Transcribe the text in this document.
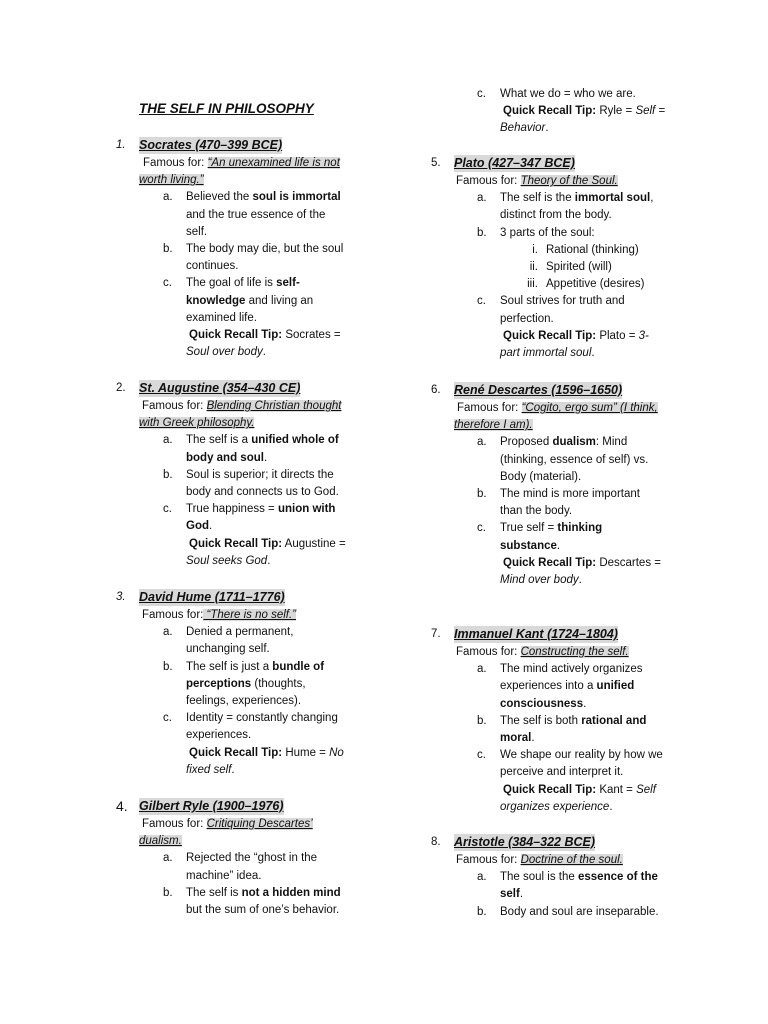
THE SELF IN PHILOSOPHY
1. Socrates (470–399 BCE)
Famous for: “An unexamined life is not
worth living.”
a. Believed the soul is immortal
and the true essence of the
self.
b. The body may die, but the soul
continues.
c. The goal of life is self-
knowledge and living an
examined life.
Quick Recall Tip: Socrates =
Soul over body.
2. St. Augustine (354–430 CE)
Famous for: Blending Christian thought
with Greek philosophy.
a. The self is a unified whole of
body and soul.
b. Soul is superior; it directs the
body and connects us to God.
c. True happiness = union with
God.
Quick Recall Tip: Augustine =
Soul seeks God.
3. David Hume (1711–1776)
Famous for: “There is no self.”
a. Denied a permanent,
unchanging self.
b. The self is just a bundle of
perceptions (thoughts,
feelings, experiences).
c. Identity = constantly changing
experiences.
Quick Recall Tip: Hume = No
fixed self.
4. Gilbert Ryle (1900–1976)
Famous for: Critiquing Descartes’
dualism.
a. Rejected the “ghost in the
machine” idea.
b. The self is not a hidden mind
but the sum of one’s behavior.
c. What we do = who we are.
Quick Recall Tip: Ryle = Self =
Behavior.
5. Plato (427–347 BCE)
Famous for: Theory of the Soul.
a. The self is the immortal soul,
distinct from the body.
b. 3 parts of the soul:
i. Rational (thinking)
ii. Spirited (will)
iii. Appetitive (desires)
c. Soul strives for truth and
perfection.
Quick Recall Tip: Plato = 3-
part immortal soul.
6. René Descartes (1596–1650)
Famous for: “Cogito, ergo sum” (I think,
therefore I am).
a. Proposed dualism: Mind
(thinking, essence of self) vs.
Body (material).
b. The mind is more important
than the body.
c. True self = thinking
substance.
Quick Recall Tip: Descartes =
Mind over body.
7. Immanuel Kant (1724–1804)
Famous for: Constructing the self.
a. The mind actively organizes
experiences into a unified
consciousness.
b. The self is both rational and
moral.
c. We shape our reality by how we
perceive and interpret it.
Quick Recall Tip: Kant = Self
organizes experience.
8. Aristotle (384–322 BCE)
Famous for: Doctrine of the soul.
a. The soul is the essence of the
self.
b. Body and soul are inseparable.
